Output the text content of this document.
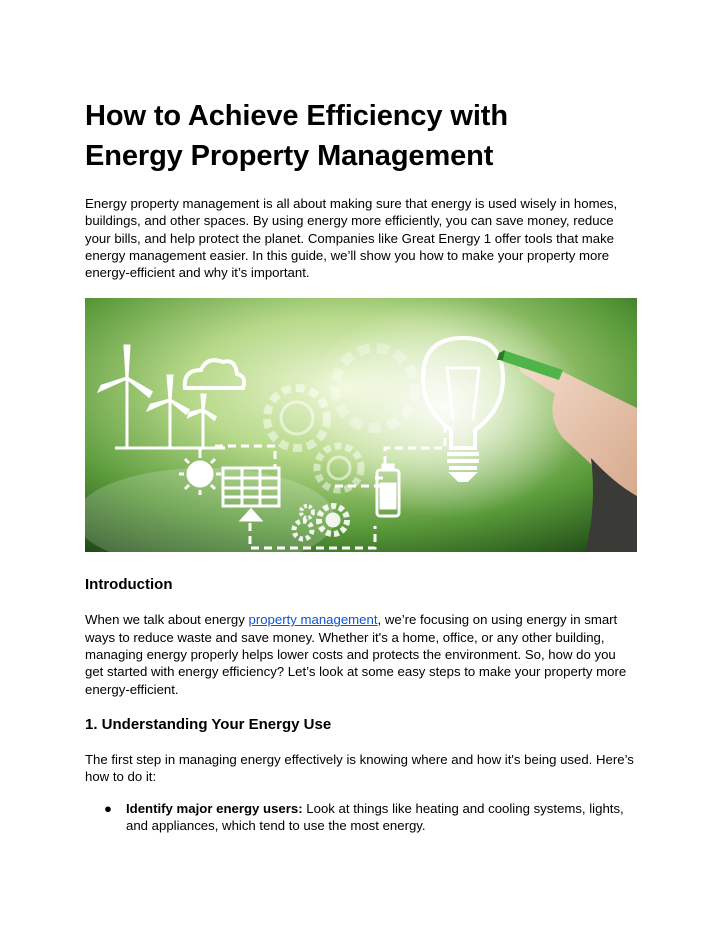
How to Achieve Efficiency with
Energy Property Management

Energy property management is all about making sure that energy is used wisely in homes, buildings, and other spaces. By using energy more efficiently, you can save money, reduce your bills, and help protect the planet. Companies like Great Energy 1 offer tools that make energy management easier. In this guide, we’ll show you how to make your property more energy-efficient and why it’s important.

Introduction

When we talk about energy property management, we’re focusing on using energy in smart ways to reduce waste and save money. Whether it's a home, office, or any other building, managing energy properly helps lower costs and protects the environment. So, how do you get started with energy efficiency? Let’s look at some easy steps to make your property more energy-efficient.

1. Understanding Your Energy Use

The first step in managing energy effectively is knowing where and how it's being used. Here’s how to do it:

● Identify major energy users: Look at things like heating and cooling systems, lights, and appliances, which tend to use the most energy.
